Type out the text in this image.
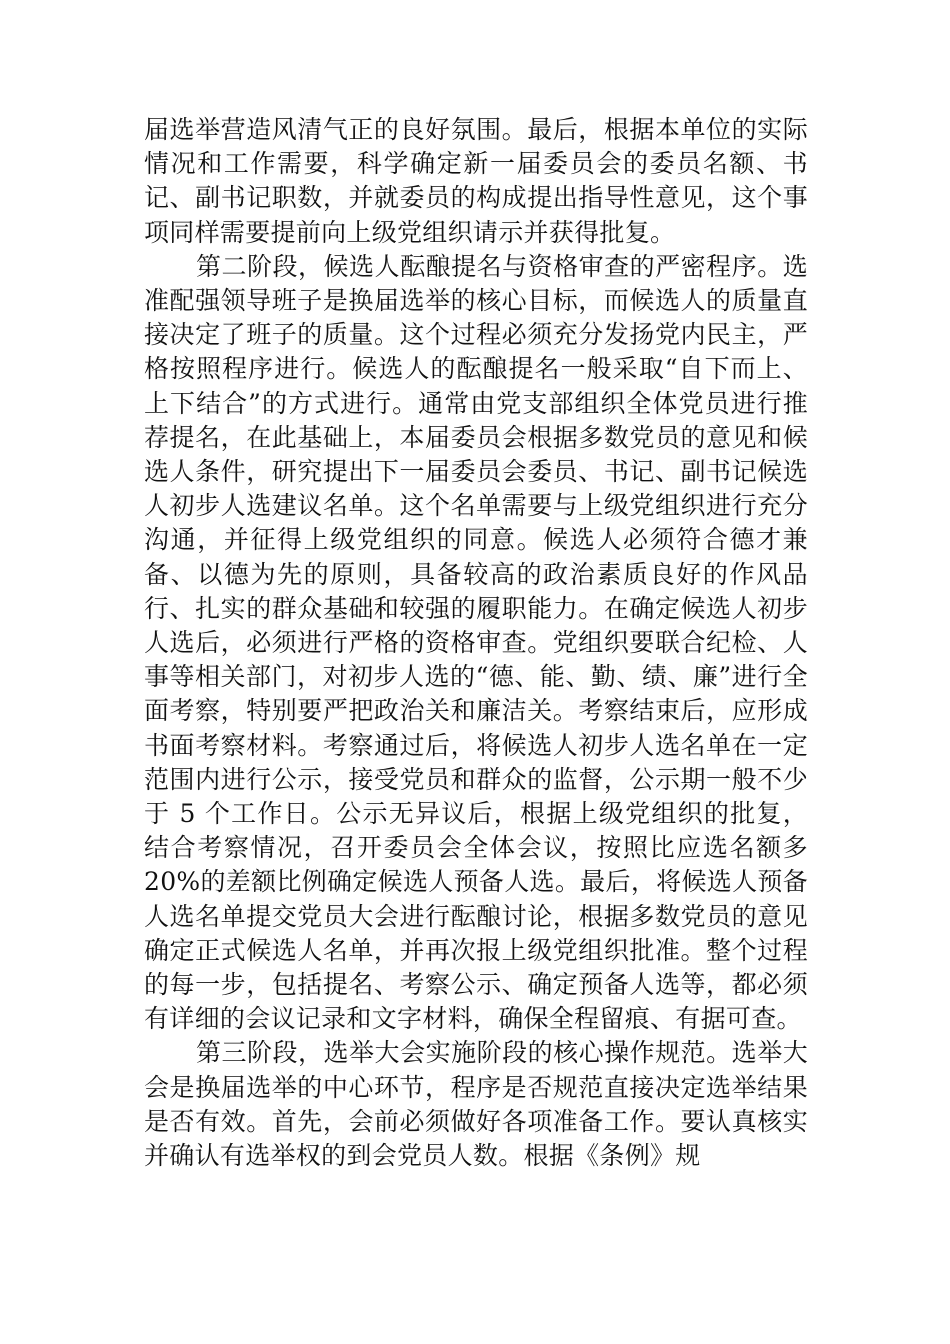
届选举营造风清气正的良好氛围。最后，根据本单位的实际情况和工作需要，科学确定新一届委员会的委员名额、书记、副书记职数，并就委员的构成提出指导性意见，这个事项同样需要提前向上级党组织请示并获得批复。

第二阶段，候选人酝酿提名与资格审查的严密程序。选准配强领导班子是换届选举的核心目标，而候选人的质量直接决定了班子的质量。这个过程必须充分发扬党内民主，严格按照程序进行。候选人的酝酿提名一般采取“自下而上、上下结合”的方式进行。通常由党支部组织全体党员进行推荐提名，在此基础上，本届委员会根据多数党员的意见和候选人条件，研究提出下一届委员会委员、书记、副书记候选人初步人选建议名单。这个名单需要与上级党组织进行充分沟通，并征得上级党组织的同意。候选人必须符合德才兼备、以德为先的原则，具备较高的政治素质良好的作风品行、扎实的群众基础和较强的履职能力。在确定候选人初步人选后，必须进行严格的资格审查。党组织要联合纪检、人事等相关部门，对初步人选的“德、能、勤、绩、廉”进行全面考察，特别要严把政治关和廉洁关。考察结束后，应形成书面考察材料。考察通过后，将候选人初步人选名单在一定范围内进行公示，接受党员和群众的监督，公示期一般不少于 5 个工作日。公示无异议后，根据上级党组织的批复，结合考察情况，召开委员会全体会议，按照比应选名额多 20%的差额比例确定候选人预备人选。最后，将候选人预备人选名单提交党员大会进行酝酿讨论，根据多数党员的意见确定正式候选人名单，并再次报上级党组织批准。整个过程的每一步，包括提名、考察公示、确定预备人选等，都必须有详细的会议记录和文字材料，确保全程留痕、有据可查。

第三阶段，选举大会实施阶段的核心操作规范。选举大会是换届选举的中心环节，程序是否规范直接决定选举结果是否有效。首先，会前必须做好各项准备工作。要认真核实并确认有选举权的到会党员人数。根据《条例》规
